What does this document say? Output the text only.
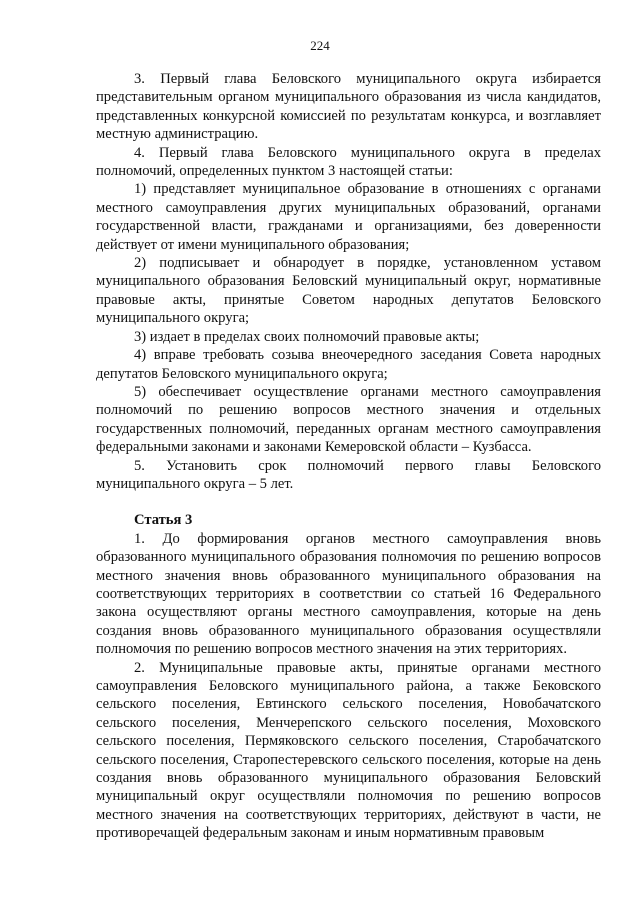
224

3. Первый глава Беловского муниципального округа избирается представительным органом муниципального образования из числа кандидатов, представленных конкурсной комиссией по результатам конкурса, и возглавляет местную администрацию.

4. Первый глава Беловского муниципального округа в пределах полномочий, определенных пунктом 3 настоящей статьи:

1) представляет муниципальное образование в отношениях с органами местного самоуправления других муниципальных образований, органами государственной власти, гражданами и организациями, без доверенности действует от имени муниципального образования;

2) подписывает и обнародует в порядке, установленном уставом муниципального образования Беловский муниципальный округ, нормативные правовые акты, принятые Советом народных депутатов Беловского муниципального округа;

3) издает в пределах своих полномочий правовые акты;

4) вправе требовать созыва внеочередного заседания Совета народных депутатов Беловского муниципального округа;

5) обеспечивает осуществление органами местного самоуправления полномочий по решению вопросов местного значения и отдельных государственных полномочий, переданных органам местного самоуправления федеральными законами и законами Кемеровской области – Кузбасса.

5. Установить срок полномочий первого главы Беловского муниципального округа – 5 лет.

Статья 3

1. До формирования органов местного самоуправления вновь образованного муниципального образования полномочия по решению вопросов местного значения вновь образованного муниципального образования на соответствующих территориях в соответствии со статьей 16 Федерального закона осуществляют органы местного самоуправления, которые на день создания вновь образованного муниципального образования осуществляли полномочия по решению вопросов местного значения на этих территориях.

2. Муниципальные правовые акты, принятые органами местного самоуправления Беловского муниципального района, а также Бековского сельского поселения, Евтинского сельского поселения, Новобачатского сельского поселения, Менчерепского сельского поселения, Моховского сельского поселения, Пермяковского сельского поселения, Старобачатского сельского поселения, Старопестеревского сельского поселения, которые на день создания вновь образованного муниципального образования Беловский муниципальный округ осуществляли полномочия по решению вопросов местного значения на соответствующих территориях, действуют в части, не противоречащей федеральным законам и иным нормативным правовым
